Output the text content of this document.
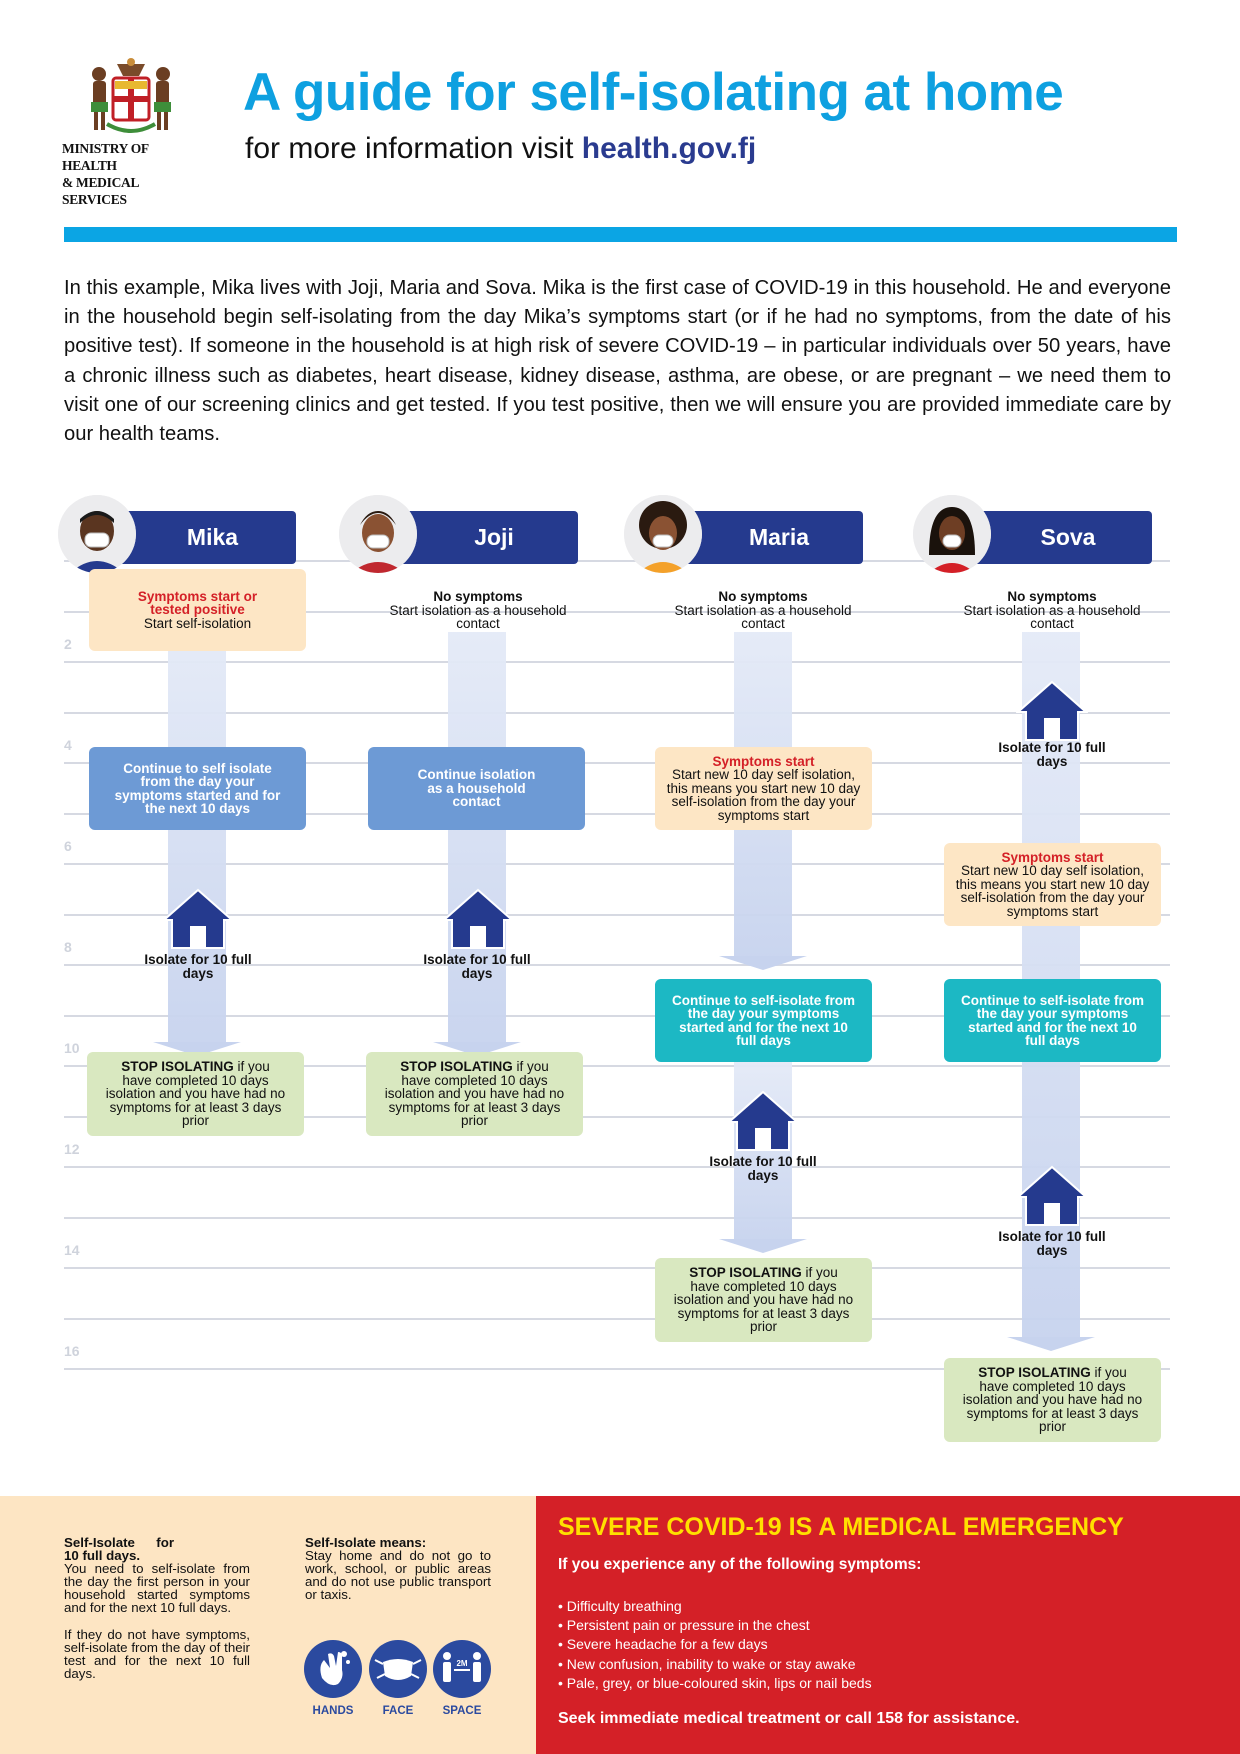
MINISTRY OF HEALTH
& MEDICAL SERVICES
A guide for self-isolating at home
for more information visit health.gov.fj
In this example, Mika lives with Joji, Maria and Sova. Mika is the first case of COVID-19 in this household. He and everyone in the household begin self-isolating from the day Mika’s symptoms start (or if he had no symptoms, from the date of his positive test). If someone in the household is at high risk of severe COVID-19 – in particular individuals over 50 years, have a chronic illness such as diabetes, heart disease, kidney disease, asthma, are obese, or are pregnant – we need them to visit one of our screening clinics and get tested. If you test positive, then we will ensure you are provided immediate care by our health teams.
2
4
6
8
10
12
14
16
Mika	Joji	Maria	Sova
Symptoms start or tested positive
Start self-isolation
Continue to self isolate from the day your symptoms started and for the next 10 days
Isolate for 10 full days
STOP ISOLATING if you have completed 10 days isolation and you have had no symptoms for at least 3 days prior
No symptoms
Start isolation as a household contact
Continue isolation as a household contact
Isolate for 10 full days
STOP ISOLATING if you have completed 10 days isolation and you have had no symptoms for at least 3 days prior
No symptoms
Start isolation as a household contact
Symptoms start
Start new 10 day self isolation, this means you start new 10 day self-isolation from the day your symptoms start
Continue to self-isolate from the day your symptoms started and for the next 10 full days
Isolate for 10 full days
STOP ISOLATING if you have completed 10 days isolation and you have had no symptoms for at least 3 days prior
No symptoms
Start isolation as a household contact
Isolate for 10 full days
Symptoms start
Start new 10 day self isolation, this means you start new 10 day self-isolation from the day your symptoms start
Continue to self-isolate from the day your symptoms started and for the next 10 full days
Isolate for 10 full days
STOP ISOLATING if you have completed 10 days isolation and you have had no symptoms for at least 3 days prior
Self-Isolate for 10 full days.
You need to self-isolate from the day the first person in your household started symptoms and for the next 10 full days.
If they do not have symptoms, self-isolate from the day of their test and for the next 10 full days.
Self-Isolate means:
Stay home and do not go to work, school, or public areas and do not use public transport or taxis.
HANDS	FACE
2M
SPACE
SEVERE COVID-19 IS A MEDICAL EMERGENCY
If you experience any of the following symptoms:
• Difficulty breathing
• Persistent pain or pressure in the chest
• Severe headache for a few days
• New confusion, inability to wake or stay awake
• Pale, grey, or blue-coloured skin, lips or nail beds
Seek immediate medical treatment or call 158 for assistance.
